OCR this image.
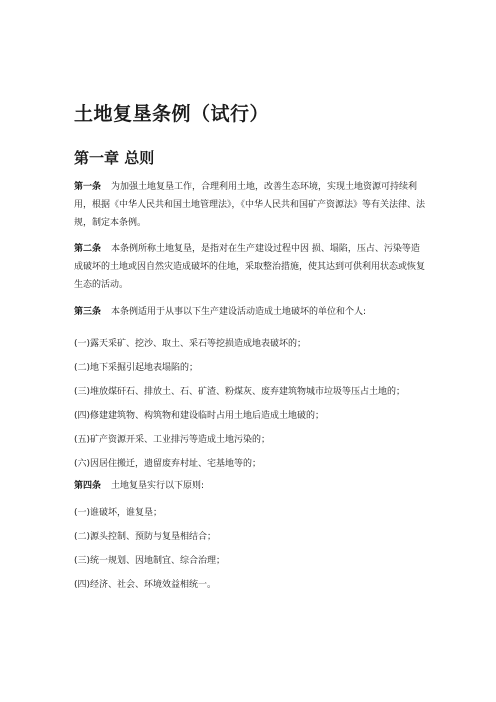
土地复垦条例（试行）
第一章 总则

第一条 为加强土地复垦工作，合理利用土地，改善生态环境，实现土地资源可持续利用，根据《中华人民共和国土地管理法》，《中华人民共和国矿产资源法》等有关法律、法规，制定本条例。

第二条 本条例所称土地复垦，是指对在生产建设过程中因 损、塌陷，压占、污染等造成破坏的土地或因自然灾造成破坏的住地，采取整治措施，使其达到可供利用状态或恢复生态的活动。

第三条 本条例适用于从事以下生产建设活动造成土地破坏的单位和个人:

(一)露天采矿、挖沙、取土、采石等挖损造成地表破坏的；
(二)地下采掘引起地表塌陷的；
(三)堆放煤矸石、排放土、石、矿渣、粉煤灰、废弃建筑物城市垃圾等压占土地的；
(四)修建建筑物、构筑物和建设临时占用土地后造成土地破的；
(五)矿产资源开采、工业排污等造成土地污染的；
(六)因居住搬迁，遗留废弃村址、宅基地等的；

第四条 土地复垦实行以下原则:

(一)谁破坏，谁复垦；
(二)源头控制、预防与复垦相结合；
(三)统一规划、因地制宜、综合治理；
(四)经济、社会、环境效益相统一。
